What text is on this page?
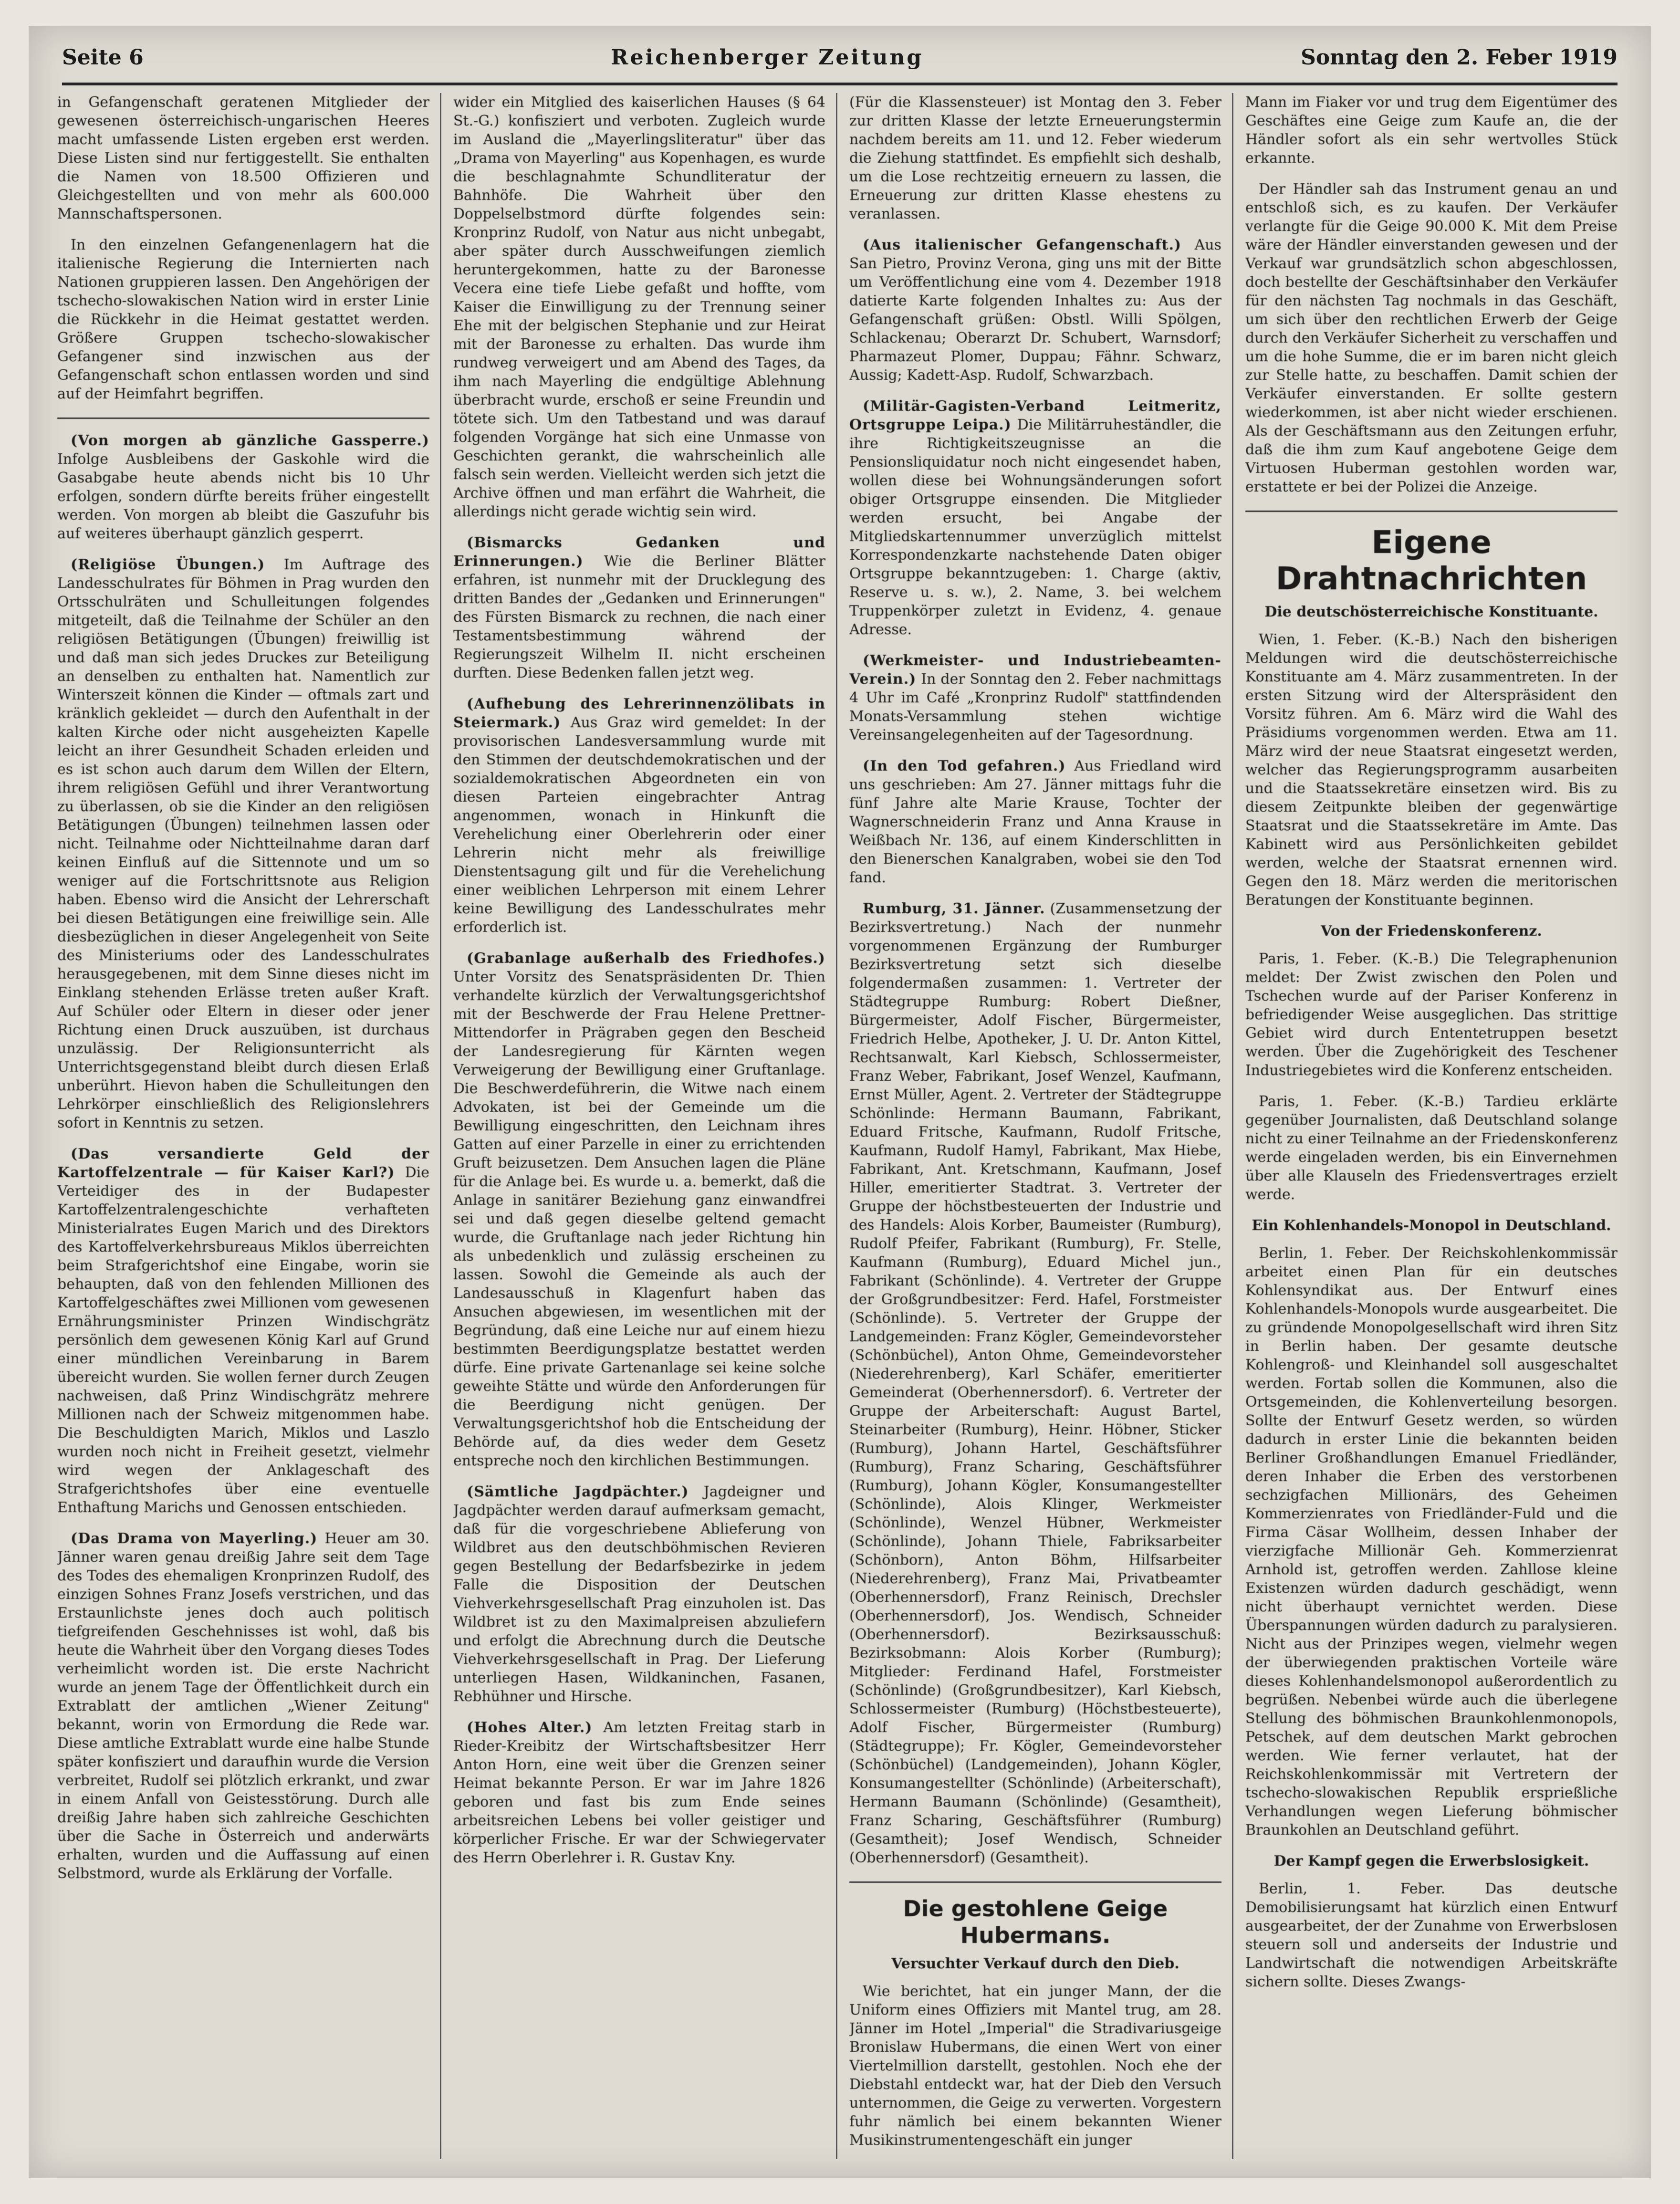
Seite 6	Reichenberger Zeitung	Sonntag den 2. Feber 1919

in Gefangenschaft geratenen Mitglieder der gewesenen österreichisch-ungarischen Heeres macht umfassende Listen ergeben erst werden. Diese Listen sind nur fertiggestellt. Sie enthalten die Namen von 18.500 Offizieren und Gleichgestellten und von mehr als 600.000 Mannschaftspersonen.

In den einzelnen Gefangenenlagern hat die italienische Regierung die Internierten nach Nationen gruppieren lassen. Den Angehörigen der tschecho-slowakischen Nation wird in erster Linie die Rückkehr in die Heimat gestattet werden. Größere Gruppen tschecho-slowakischer Gefangener sind inzwischen aus der Gefangenschaft schon entlassen worden und sind auf der Heimfahrt begriffen.

(Von morgen ab gänzliche Gassperre.) Infolge Ausbleibens der Gaskohle wird die Gasabgabe heute abends nicht bis 10 Uhr erfolgen, sondern dürfte bereits früher eingestellt werden. Von morgen ab bleibt die Gaszufuhr bis auf weiteres überhaupt gänzlich gesperrt.

(Religiöse Übungen.) Im Auftrage des Landesschulrates für Böhmen in Prag wurden den Ortsschulräten und Schulleitungen folgendes mitgeteilt, daß die Teilnahme der Schüler an den religiösen Betätigungen (Übungen) freiwillig ist und daß man sich jedes Druckes zur Beteiligung an denselben zu enthalten hat. Namentlich zur Winterszeit können die Kinder — oftmals zart und kränklich gekleidet — durch den Aufenthalt in der kalten Kirche oder nicht ausgeheizten Kapelle leicht an ihrer Gesundheit Schaden erleiden und es ist schon auch darum dem Willen der Eltern, ihrem religiösen Gefühl und ihrer Verantwortung zu überlassen, ob sie die Kinder an den religiösen Betätigungen (Übungen) teilnehmen lassen oder nicht. Teilnahme oder Nichtteilnahme daran darf keinen Einfluß auf die Sittennote und um so weniger auf die Fortschrittsnote aus Religion haben. Ebenso wird die Ansicht der Lehrerschaft bei diesen Betätigungen eine freiwillige sein. Alle diesbezüglichen in dieser Angelegenheit von Seite des Ministeriums oder des Landesschulrates herausgegebenen, mit dem Sinne dieses nicht im Einklang stehenden Erlässe treten außer Kraft. Auf Schüler oder Eltern in dieser oder jener Richtung einen Druck auszuüben, ist durchaus unzulässig. Der Religionsunterricht als Unterrichtsgegenstand bleibt durch diesen Erlaß unberührt. Hievon haben die Schulleitungen den Lehrkörper einschließlich des Religionslehrers sofort in Kenntnis zu setzen.

(Das versandierte Geld der Kartoffelzentrale — für Kaiser Karl?) Die Verteidiger des in der Budapester Kartoffelzentralengeschichte verhafteten Ministerialrates Eugen Marich und des Direktors des Kartoffelverkehrsbureaus Miklos überreichten beim Strafgerichtshof eine Eingabe, worin sie behaupten, daß von den fehlenden Millionen des Kartoffelgeschäftes zwei Millionen vom gewesenen Ernährungsminister Prinzen Windischgrätz persönlich dem gewesenen König Karl auf Grund einer mündlichen Vereinbarung in Barem übereicht wurden. Sie wollen ferner durch Zeugen nachweisen, daß Prinz Windischgrätz mehrere Millionen nach der Schweiz mitgenommen habe. Die Beschuldigten Marich, Miklos und Laszlo wurden noch nicht in Freiheit gesetzt, vielmehr wird wegen der Anklageschaft des Strafgerichtshofes über eine eventuelle Enthaftung Marichs und Genossen entschieden.

(Das Drama von Mayerling.) Heuer am 30. Jänner waren genau dreißig Jahre seit dem Tage des Todes des ehemaligen Kronprinzen Rudolf, des einzigen Sohnes Franz Josefs verstrichen, und das Erstaunlichste jenes doch auch politisch tiefgreifenden Geschehnisses ist wohl, daß bis heute die Wahrheit über den Vorgang dieses Todes verheimlicht worden ist. Die erste Nachricht wurde an jenem Tage der Öffentlichkeit durch ein Extrablatt der amtlichen „Wiener Zeitung" bekannt, worin von Ermordung die Rede war. Diese amtliche Extrablatt wurde eine halbe Stunde später konfisziert und daraufhin wurde die Version verbreitet, Rudolf sei plötzlich erkrankt, und zwar in einem Anfall von Geistesstörung. Durch alle dreißig Jahre haben sich zahlreiche Geschichten über die Sache in Österreich und anderwärts erhalten, wurden und die Auffassung auf einen Selbstmord, wurde als Erklärung der Vorfalle.

wider ein Mitglied des kaiserlichen Hauses (§ 64 St.-G.) konfisziert und verboten. Zugleich wurde im Ausland die „Mayerlingsliteratur" über das „Drama von Mayerling" aus Kopenhagen, es wurde die beschlagnahmte Schundliteratur der Bahnhöfe. Die Wahrheit über den Doppelselbstmord dürfte folgendes sein: Kronprinz Rudolf, von Natur aus nicht unbegabt, aber später durch Ausschweifungen ziemlich heruntergekommen, hatte zu der Baronesse Vecera eine tiefe Liebe gefaßt und hoffte, vom Kaiser die Einwilligung zu der Trennung seiner Ehe mit der belgischen Stephanie und zur Heirat mit der Baronesse zu erhalten. Das wurde ihm rundweg verweigert und am Abend des Tages, da ihm nach Mayerling die endgültige Ablehnung überbracht wurde, erschoß er seine Freundin und tötete sich. Um den Tatbestand und was darauf folgenden Vorgänge hat sich eine Unmasse von Geschichten gerankt, die wahrscheinlich alle falsch sein werden. Vielleicht werden sich jetzt die Archive öffnen und man erfährt die Wahrheit, die allerdings nicht gerade wichtig sein wird.

(Bismarcks Gedanken und Erinnerungen.) Wie die Berliner Blätter erfahren, ist nunmehr mit der Drucklegung des dritten Bandes der „Gedanken und Erinnerungen" des Fürsten Bismarck zu rechnen, die nach einer Testamentsbestimmung während der Regierungszeit Wilhelm II. nicht erscheinen durften. Diese Bedenken fallen jetzt weg.

(Aufhebung des Lehrerinnenzölibats in Steiermark.) Aus Graz wird gemeldet: In der provisorischen Landesversammlung wurde mit den Stimmen der deutschdemokratischen und der sozialdemokratischen Abgeordneten ein von diesen Parteien eingebrachter Antrag angenommen, wonach in Hinkunft die Verehelichung einer Oberlehrerin oder einer Lehrerin nicht mehr als freiwillige Dienstentsagung gilt und für die Verehelichung einer weiblichen Lehrperson mit einem Lehrer keine Bewilligung des Landesschulrates mehr erforderlich ist.

(Grabanlage außerhalb des Friedhofes.) Unter Vorsitz des Senatspräsidenten Dr. Thien verhandelte kürzlich der Verwaltungsgerichtshof mit der Beschwerde der Frau Helene Prettner-Mittendorfer in Prägraben gegen den Bescheid der Landesregierung für Kärnten wegen Verweigerung der Bewilligung einer Gruftanlage. Die Beschwerdeführerin, die Witwe nach einem Advokaten, ist bei der Gemeinde um die Bewilligung eingeschritten, den Leichnam ihres Gatten auf einer Parzelle in einer zu errichtenden Gruft beizusetzen. Dem Ansuchen lagen die Pläne für die Anlage bei. Es wurde u. a. bemerkt, daß die Anlage in sanitärer Beziehung ganz einwandfrei sei und daß gegen dieselbe geltend gemacht wurde, die Gruftanlage nach jeder Richtung hin als unbedenklich und zulässig erscheinen zu lassen. Sowohl die Gemeinde als auch der Landesausschuß in Klagenfurt haben das Ansuchen abgewiesen, im wesentlichen mit der Begründung, daß eine Leiche nur auf einem hiezu bestimmten Beerdigungsplatze bestattet werden dürfe. Eine private Gartenanlage sei keine solche geweihte Stätte und würde den Anforderungen für die Beerdigung nicht genügen. Der Verwaltungsgerichtshof hob die Entscheidung der Behörde auf, da dies weder dem Gesetz entspreche noch den kirchlichen Bestimmungen.

(Sämtliche Jagdpächter.) Jagdeigner und Jagdpächter werden darauf aufmerksam gemacht, daß für die vorgeschriebene Ablieferung von Wildbret aus den deutschböhmischen Revieren gegen Bestellung der Bedarfsbezirke in jedem Falle die Disposition der Deutschen Viehverkehrsgesellschaft Prag einzuholen ist. Das Wildbret ist zu den Maximalpreisen abzuliefern und erfolgt die Abrechnung durch die Deutsche Viehverkehrsgesellschaft in Prag. Der Lieferung unterliegen Hasen, Wildkaninchen, Fasanen, Rebhühner und Hirsche.

(Hohes Alter.) Am letzten Freitag starb in Rieder-Kreibitz der Wirtschaftsbesitzer Herr Anton Horn, eine weit über die Grenzen seiner Heimat bekannte Person. Er war im Jahre 1826 geboren und fast bis zum Ende seines arbeitsreichen Lebens bei voller geistiger und körperlicher Frische. Er war der Schwiegervater des Herrn Oberlehrer i. R. Gustav Kny.

(Für die Klassensteuer) ist Montag den 3. Feber zur dritten Klasse der letzte Erneuerungstermin nachdem bereits am 11. und 12. Feber wiederum die Ziehung stattfindet. Es empfiehlt sich deshalb, um die Lose rechtzeitig erneuern zu lassen, die Erneuerung zur dritten Klasse ehestens zu veranlassen.

(Aus italienischer Gefangenschaft.) Aus San Pietro, Provinz Verona, ging uns mit der Bitte um Veröffentlichung eine vom 4. Dezember 1918 datierte Karte folgenden Inhaltes zu: Aus der Gefangenschaft grüßen: Obstl. Willi Spölgen, Schlackenau; Oberarzt Dr. Schubert, Warnsdorf; Pharmazeut Plomer, Duppau; Fähnr. Schwarz, Aussig; Kadett-Asp. Rudolf, Schwarzbach.

(Militär-Gagisten-Verband Leitmeritz, Ortsgruppe Leipa.) Die Militärruheständler, die ihre Richtigkeitszeugnisse an die Pensionsliquidatur noch nicht eingesendet haben, wollen diese bei Wohnungsänderungen sofort obiger Ortsgruppe einsenden. Die Mitglieder werden ersucht, bei Angabe der Mitgliedskartennummer unverzüglich mittelst Korrespondenzkarte nachstehende Daten obiger Ortsgruppe bekanntzugeben: 1. Charge (aktiv, Reserve u. s. w.), 2. Name, 3. bei welchem Truppenkörper zuletzt in Evidenz, 4. genaue Adresse.

(Werkmeister- und Industriebeamten-Verein.) In der Sonntag den 2. Feber nachmittags 4 Uhr im Café „Kronprinz Rudolf" stattfindenden Monats-Versammlung stehen wichtige Vereinsangelegenheiten auf der Tagesordnung.

(In den Tod gefahren.) Aus Friedland wird uns geschrieben: Am 27. Jänner mittags fuhr die fünf Jahre alte Marie Krause, Tochter der Wagnerschneiderin Franz und Anna Krause in Weißbach Nr. 136, auf einem Kinderschlitten in den Bienerschen Kanalgraben, wobei sie den Tod fand.

Rumburg, 31. Jänner. (Zusammensetzung der Bezirksvertretung.) Nach der nunmehr vorgenommenen Ergänzung der Rumburger Bezirksvertretung setzt sich dieselbe folgendermaßen zusammen: 1. Vertreter der Städtegruppe Rumburg: Robert Dießner, Bürgermeister, Adolf Fischer, Bürgermeister, Friedrich Helbe, Apotheker, J. U. Dr. Anton Kittel, Rechtsanwalt, Karl Kiebsch, Schlossermeister, Franz Weber, Fabrikant, Josef Wenzel, Kaufmann, Ernst Müller, Agent. 2. Vertreter der Städtegruppe Schönlinde: Hermann Baumann, Fabrikant, Eduard Fritsche, Kaufmann, Rudolf Fritsche, Kaufmann, Rudolf Hamyl, Fabrikant, Max Hiebe, Fabrikant, Ant. Kretschmann, Kaufmann, Josef Hiller, emeritierter Stadtrat. 3. Vertreter der Gruppe der höchstbesteuerten der Industrie und des Handels: Alois Korber, Baumeister (Rumburg), Rudolf Pfeifer, Fabrikant (Rumburg), Fr. Stelle, Kaufmann (Rumburg), Eduard Michel jun., Fabrikant (Schönlinde). 4. Vertreter der Gruppe der Großgrundbesitzer: Ferd. Hafel, Forstmeister (Schönlinde). 5. Vertreter der Gruppe der Landgemeinden: Franz Kögler, Gemeindevorsteher (Schönbüchel), Anton Ohme, Gemeindevorsteher (Niederehrenberg), Karl Schäfer, emeritierter Gemeinderat (Oberhennersdorf). 6. Vertreter der Gruppe der Arbeiterschaft: August Bartel, Steinarbeiter (Rumburg), Heinr. Höbner, Sticker (Rumburg), Johann Hartel, Geschäftsführer (Rumburg), Franz Scharing, Geschäftsführer (Rumburg), Johann Kögler, Konsumangestellter (Schönlinde), Alois Klinger, Werkmeister (Schönlinde), Wenzel Hübner, Werkmeister (Schönlinde), Johann Thiele, Fabriksarbeiter (Schönborn), Anton Böhm, Hilfsarbeiter (Niederehrenberg), Franz Mai, Privatbeamter (Oberhennersdorf), Franz Reinisch, Drechsler (Oberhennersdorf), Jos. Wendisch, Schneider (Oberhennersdorf). Bezirksausschuß: Bezirksobmann: Alois Korber (Rumburg); Mitglieder: Ferdinand Hafel, Forstmeister (Schönlinde) (Großgrundbesitzer), Karl Kiebsch, Schlossermeister (Rumburg) (Höchstbesteuerte), Adolf Fischer, Bürgermeister (Rumburg) (Städtegruppe); Fr. Kögler, Gemeindevorsteher (Schönbüchel) (Landgemeinden), Johann Kögler, Konsumangestellter (Schönlinde) (Arbeiterschaft), Hermann Baumann (Schönlinde) (Gesamtheit), Franz Scharing, Geschäftsführer (Rumburg) (Gesamtheit); Josef Wendisch, Schneider (Oberhennersdorf) (Gesamtheit).

Die gestohlene Geige Hubermans.
Versuchter Verkauf durch den Dieb.

Wie berichtet, hat ein junger Mann, der die Uniform eines Offiziers mit Mantel trug, am 28. Jänner im Hotel „Imperial" die Stradivariusgeige Bronislaw Hubermans, die einen Wert von einer Viertelmillion darstellt, gestohlen. Noch ehe der Diebstahl entdeckt war, hat der Dieb den Versuch unternommen, die Geige zu verwerten. Vorgestern fuhr nämlich bei einem bekannten Wiener Musikinstrumentengeschäft ein junger

Mann im Fiaker vor und trug dem Eigentümer des Geschäftes eine Geige zum Kaufe an, die der Händler sofort als ein sehr wertvolles Stück erkannte.

Der Händler sah das Instrument genau an und entschloß sich, es zu kaufen. Der Verkäufer verlangte für die Geige 90.000 K. Mit dem Preise wäre der Händler einverstanden gewesen und der Verkauf war grundsätzlich schon abgeschlossen, doch bestellte der Geschäftsinhaber den Verkäufer für den nächsten Tag nochmals in das Geschäft, um sich über den rechtlichen Erwerb der Geige durch den Verkäufer Sicherheit zu verschaffen und um die hohe Summe, die er im baren nicht gleich zur Stelle hatte, zu beschaffen. Damit schien der Verkäufer einverstanden. Er sollte gestern wiederkommen, ist aber nicht wieder erschienen. Als der Geschäftsmann aus den Zeitungen erfuhr, daß die ihm zum Kauf angebotene Geige dem Virtuosen Huberman gestohlen worden war, erstattete er bei der Polizei die Anzeige.

Eigene Drahtnachrichten
Die deutschösterreichische Konstituante.

Wien, 1. Feber. (K.-B.) Nach den bisherigen Meldungen wird die deutschösterreichische Konstituante am 4. März zusammentreten. In der ersten Sitzung wird der Alterspräsident den Vorsitz führen. Am 6. März wird die Wahl des Präsidiums vorgenommen werden. Etwa am 11. März wird der neue Staatsrat eingesetzt werden, welcher das Regierungsprogramm ausarbeiten und die Staatssekretäre einsetzen wird. Bis zu diesem Zeitpunkte bleiben der gegenwärtige Staatsrat und die Staatssekretäre im Amte. Das Kabinett wird aus Persönlichkeiten gebildet werden, welche der Staatsrat ernennen wird. Gegen den 18. März werden die meritorischen Beratungen der Konstituante beginnen.

Von der Friedenskonferenz.

Paris, 1. Feber. (K.-B.) Die Telegraphenunion meldet: Der Zwist zwischen den Polen und Tschechen wurde auf der Pariser Konferenz in befriedigender Weise ausgeglichen. Das strittige Gebiet wird durch Ententetruppen besetzt werden. Über die Zugehörigkeit des Teschener Industriegebietes wird die Konferenz entscheiden.

Paris, 1. Feber. (K.-B.) Tardieu erklärte gegenüber Journalisten, daß Deutschland solange nicht zu einer Teilnahme an der Friedenskonferenz werde eingeladen werden, bis ein Einvernehmen über alle Klauseln des Friedensvertrages erzielt werde.

Ein Kohlenhandels-Monopol in Deutschland.

Berlin, 1. Feber. Der Reichskohlenkommissär arbeitet einen Plan für ein deutsches Kohlensyndikat aus. Der Entwurf eines Kohlenhandels-Monopols wurde ausgearbeitet. Die zu gründende Monopolgesellschaft wird ihren Sitz in Berlin haben. Der gesamte deutsche Kohlengroß- und Kleinhandel soll ausgeschaltet werden. Fortab sollen die Kommunen, also die Ortsgemeinden, die Kohlenverteilung besorgen. Sollte der Entwurf Gesetz werden, so würden dadurch in erster Linie die bekannten beiden Berliner Großhandlungen Emanuel Friedländer, deren Inhaber die Erben des verstorbenen sechzigfachen Millionärs, des Geheimen Kommerzienrates von Friedländer-Fuld und die Firma Cäsar Wollheim, dessen Inhaber der vierzigfache Millionär Geh. Kommerzienrat Arnhold ist, getroffen werden. Zahllose kleine Existenzen würden dadurch geschädigt, wenn nicht überhaupt vernichtet werden. Diese Überspannungen würden dadurch zu paralysieren. Nicht aus der Prinzipes wegen, vielmehr wegen der überwiegenden praktischen Vorteile wäre dieses Kohlenhandelsmonopol außerordentlich zu begrüßen. Nebenbei würde auch die überlegene Stellung des böhmischen Braunkohlenmonopols, Petschek, auf dem deutschen Markt gebrochen werden. Wie ferner verlautet, hat der Reichskohlenkommissär mit Vertretern der tschecho-slowakischen Republik ersprießliche Verhandlungen wegen Lieferung böhmischer Braunkohlen an Deutschland geführt.

Der Kampf gegen die Erwerbslosigkeit.

Berlin, 1. Feber. Das deutsche Demobilisierungsamt hat kürzlich einen Entwurf ausgearbeitet, der der Zunahme von Erwerbslosen steuern soll und anderseits der Industrie und Landwirtschaft die notwendigen Arbeitskräfte sichern sollte. Dieses Zwangs-
